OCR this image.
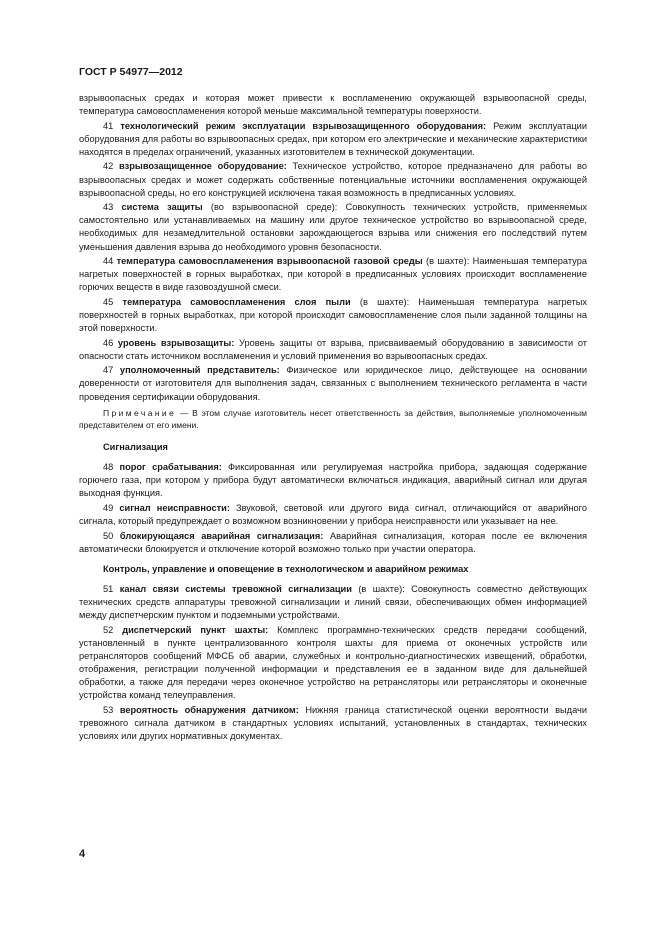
ГОСТ Р 54977—2012

взрывоопасных средах и которая может привести к воспламенению окружающей взрывоопасной среды, температура самовоспламенения которой меньше максимальной температуры поверхности.

41 технологический режим эксплуатации взрывозащищенного оборудования: Режим эксплуатации оборудования для работы во взрывоопасных средах, при котором его электрические и механические характеристики находятся в пределах ограничений, указанных изготовителем в технической документации.

42 взрывозащищенное оборудование: Техническое устройство, которое предназначено для работы во взрывоопасных средах и может содержать собственные потенциальные источники воспламенения окружающей взрывоопасной среды, но его конструкцией исключена такая возможность в предписанных условиях.

43 система защиты (во взрывоопасной среде): Совокупность технических устройств, применяемых самостоятельно или устанавливаемых на машину или другое техническое устройство во взрывоопасной среде, необходимых для незамедлительной остановки зарождающегося взрыва или снижения его последствий путем уменьшения давления взрыва до необходимого уровня безопасности.

44 температура самовоспламенения взрывоопасной газовой среды (в шахте): Наименьшая температура нагретых поверхностей в горных выработках, при которой в предписанных условиях происходит воспламенение горючих веществ в виде газовоздушной смеси.

45 температура самовоспламенения слоя пыли (в шахте): Наименьшая температура нагретых поверхностей в горных выработках, при которой происходит самовоспламенение слоя пыли заданной толщины на этой поверхности.

46 уровень взрывозащиты: Уровень защиты от взрыва, присваиваемый оборудованию в зависимости от опасности стать источником воспламенения и условий применения во взрывоопасных средах.

47 уполномоченный представитель: Физическое или юридическое лицо, действующее на основании доверенности от изготовителя для выполнения задач, связанных с выполнением технического регламента в части проведения сертификации оборудования.

Примечание — В этом случае изготовитель несет ответственность за действия, выполняемые уполномоченным представителем от его имени.

Сигнализация

48 порог срабатывания: Фиксированная или регулируемая настройка прибора, задающая содержание горючего газа, при котором у прибора будут автоматически включаться индикация, аварийный сигнал или другая выходная функция.

49 сигнал неисправности: Звуковой, световой или другого вида сигнал, отличающийся от аварийного сигнала, который предупреждает о возможном возникновении у прибора неисправности или указывает на нее.

50 блокирующаяся аварийная сигнализация: Аварийная сигнализация, которая после ее включения автоматически блокируется и отключение которой возможно только при участии оператора.

Контроль, управление и оповещение в технологическом и аварийном режимах

51 канал связи системы тревожной сигнализации (в шахте): Совокупность совместно действующих технических средств аппаратуры тревожной сигнализации и линий связи, обеспечивающих обмен информацией между диспетчерским пунктом и подземными устройствами.

52 диспетчерский пункт шахты: Комплекс программно-технических средств передачи сообщений, установленный в пункте централизованного контроля шахты для приема от оконечных устройств или ретрансляторов сообщений МФСБ об аварии, служебных и контрольно-диагностических извещений, обработки, отображения, регистрации полученной информации и представления ее в заданном виде для дальнейшей обработки, а также для передачи через оконечное устройство на ретрансляторы или ретрансляторы и оконечные устройства команд телеуправления.

53 вероятность обнаружения датчиком: Нижняя граница статистической оценки вероятности выдачи тревожного сигнала датчиком в стандартных условиях испытаний, установленных в стандартах, технических условиях или других нормативных документах.

4
